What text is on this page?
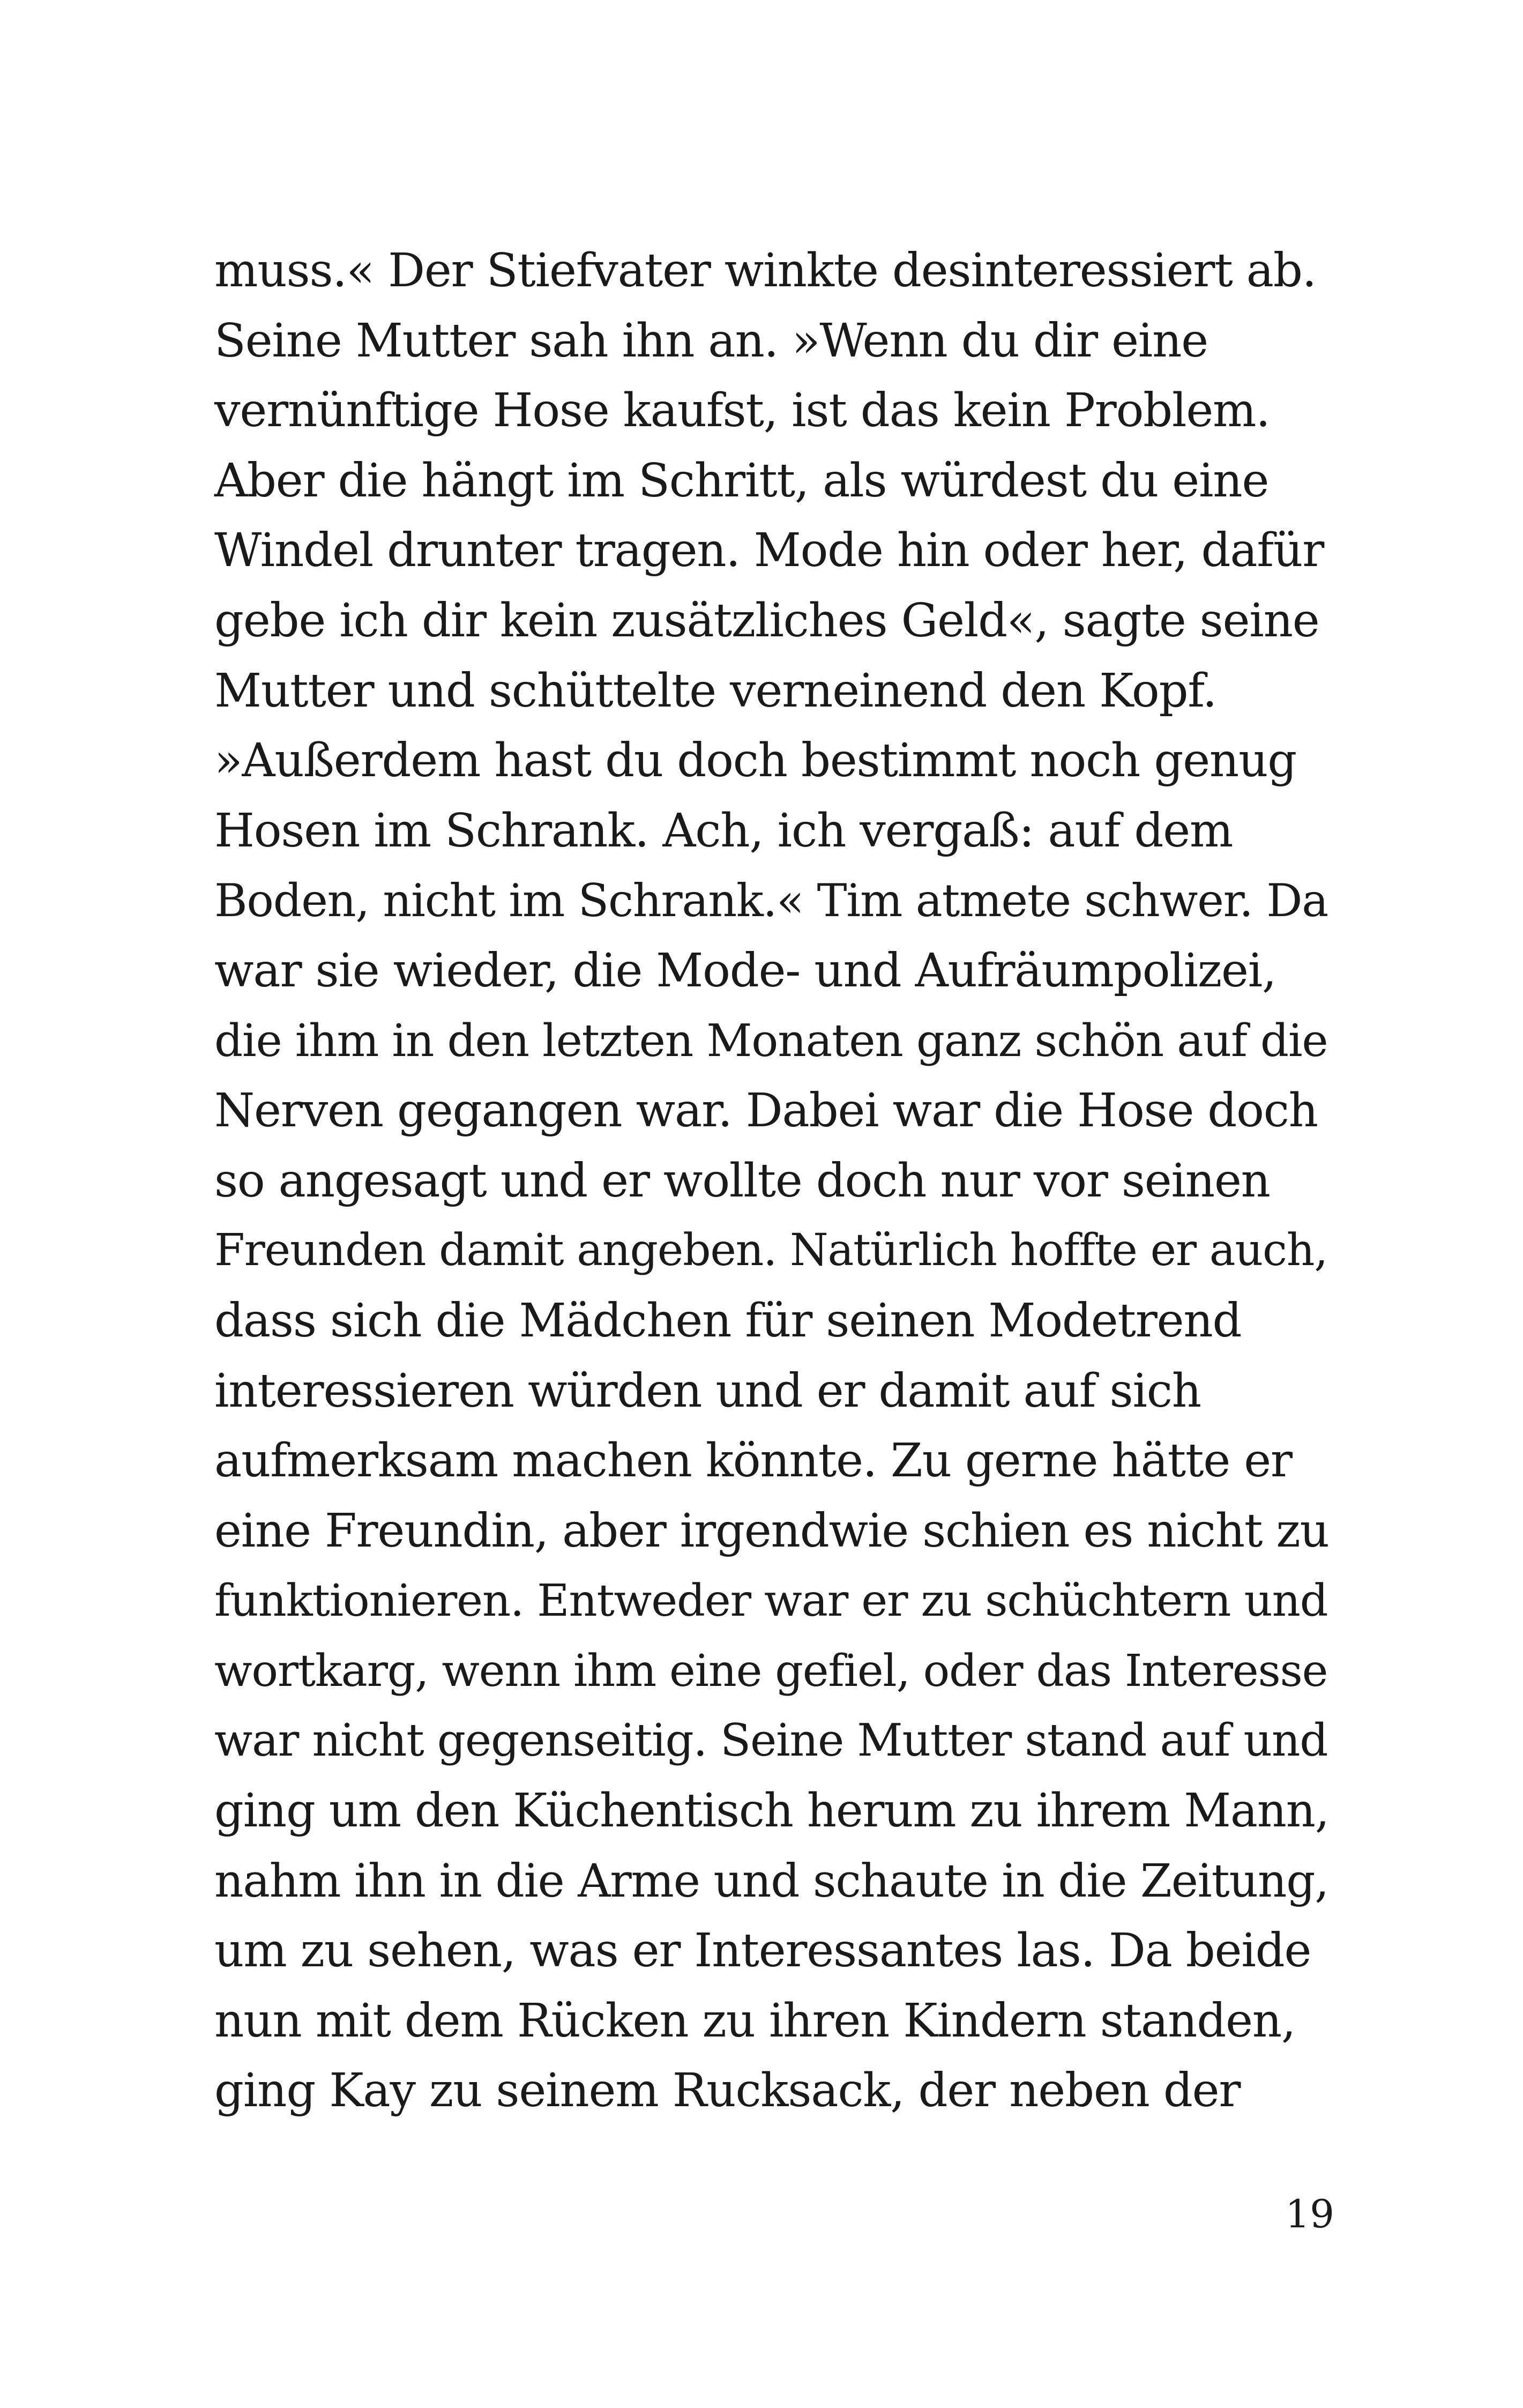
muss.« Der Stiefvater winkte desinteressiert ab.
Seine Mutter sah ihn an. »Wenn du dir eine
vernünftige Hose kaufst, ist das kein Problem.
Aber die hängt im Schritt, als würdest du eine
Windel drunter tragen. Mode hin oder her, dafür
gebe ich dir kein zusätzliches Geld«, sagte seine
Mutter und schüttelte verneinend den Kopf.
»Außerdem hast du doch bestimmt noch genug
Hosen im Schrank. Ach, ich vergaß: auf dem
Boden, nicht im Schrank.« Tim atmete schwer. Da
war sie wieder, die Mode- und Aufräumpolizei,
die ihm in den letzten Monaten ganz schön auf die
Nerven gegangen war. Dabei war die Hose doch
so angesagt und er wollte doch nur vor seinen
Freunden damit angeben. Natürlich hoffte er auch,
dass sich die Mädchen für seinen Modetrend
interessieren würden und er damit auf sich
aufmerksam machen könnte. Zu gerne hätte er
eine Freundin, aber irgendwie schien es nicht zu
funktionieren. Entweder war er zu schüchtern und
wortkarg, wenn ihm eine gefiel, oder das Interesse
war nicht gegenseitig. Seine Mutter stand auf und
ging um den Küchentisch herum zu ihrem Mann,
nahm ihn in die Arme und schaute in die Zeitung,
um zu sehen, was er Interessantes las. Da beide
nun mit dem Rücken zu ihren Kindern standen,
ging Kay zu seinem Rucksack, der neben der
19
